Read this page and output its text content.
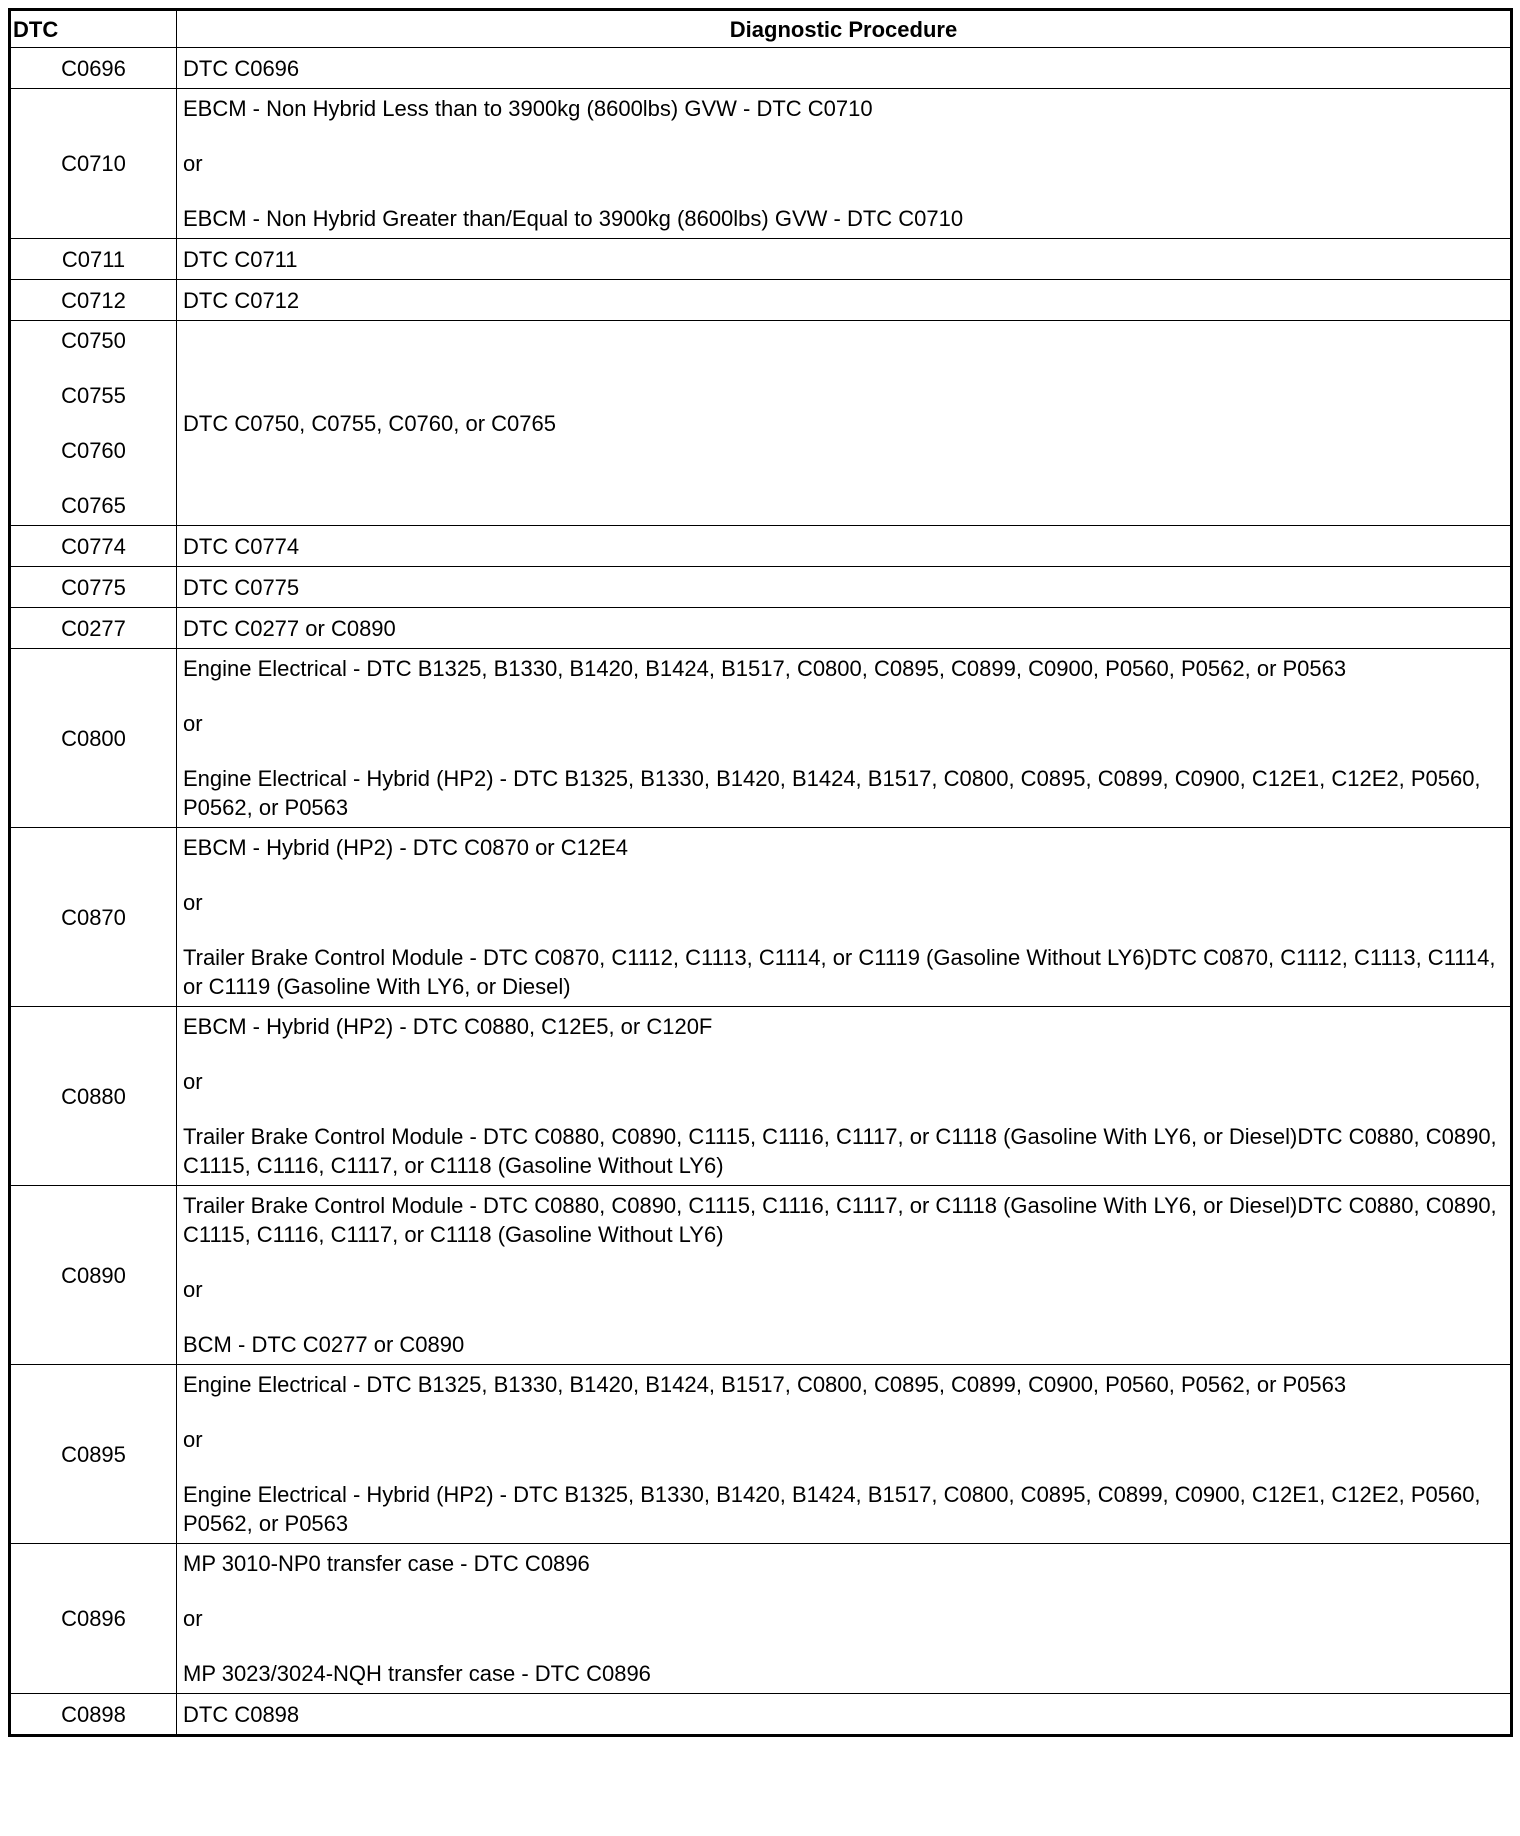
DTC	Diagnostic Procedure

C0696	DTC C0696

C0710	EBCM - Non Hybrid Less than to 3900kg (8600lbs) GVW - DTC C0710
or
EBCM - Non Hybrid Greater than/Equal to 3900kg (8600lbs) GVW - DTC C0710

C0711	DTC C0711

C0712	DTC C0712

C0750
C0755
C0760
C0765	DTC C0750, C0755, C0760, or C0765

C0774	DTC C0774

C0775	DTC C0775

C0277	DTC C0277 or C0890

C0800	Engine Electrical - DTC B1325, B1330, B1420, B1424, B1517, C0800, C0895, C0899, C0900, P0560, P0562, or P0563
or
Engine Electrical - Hybrid (HP2) - DTC B1325, B1330, B1420, B1424, B1517, C0800, C0895, C0899, C0900, C12E1, C12E2, P0560, P0562, or P0563

C0870	EBCM - Hybrid (HP2) - DTC C0870 or C12E4
or
Trailer Brake Control Module - DTC C0870, C1112, C1113, C1114, or C1119 (Gasoline Without LY6)DTC C0870, C1112, C1113, C1114, or C1119 (Gasoline With LY6, or Diesel)

C0880	EBCM - Hybrid (HP2) - DTC C0880, C12E5, or C120F
or
Trailer Brake Control Module - DTC C0880, C0890, C1115, C1116, C1117, or C1118 (Gasoline With LY6, or Diesel)DTC C0880, C0890, C1115, C1116, C1117, or C1118 (Gasoline Without LY6)

C0890	Trailer Brake Control Module - DTC C0880, C0890, C1115, C1116, C1117, or C1118 (Gasoline With LY6, or Diesel)DTC C0880, C0890, C1115, C1116, C1117, or C1118 (Gasoline Without LY6)
or
BCM - DTC C0277 or C0890

C0895	Engine Electrical - DTC B1325, B1330, B1420, B1424, B1517, C0800, C0895, C0899, C0900, P0560, P0562, or P0563
or
Engine Electrical - Hybrid (HP2) - DTC B1325, B1330, B1420, B1424, B1517, C0800, C0895, C0899, C0900, C12E1, C12E2, P0560, P0562, or P0563

C0896	MP 3010-NP0 transfer case - DTC C0896
or
MP 3023/3024-NQH transfer case - DTC C0896

C0898	DTC C0898
